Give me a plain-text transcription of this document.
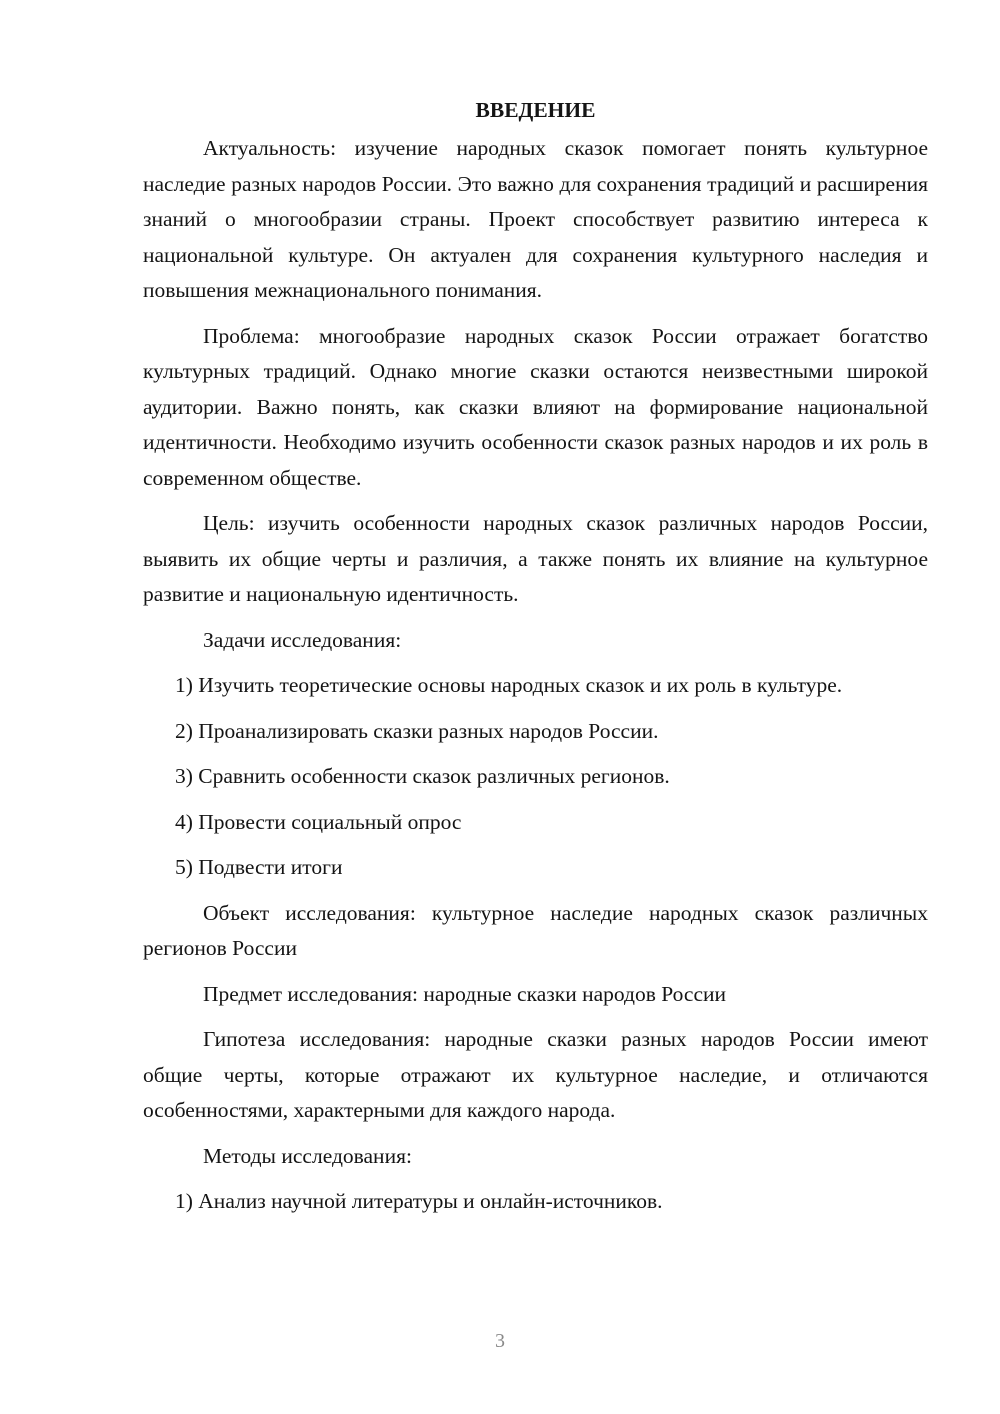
ВВЕДЕНИЕ

Актуальность: изучение народных сказок помогает понять культурное наследие разных народов России. Это важно для сохранения традиций и расширения знаний о многообразии страны. Проект способствует развитию интереса к национальной культуре. Он актуален для сохранения культурного наследия и повышения межнационального понимания.

Проблема: многообразие народных сказок России отражает богатство культурных традиций. Однако многие сказки остаются неизвестными широкой аудитории. Важно понять, как сказки влияют на формирование национальной идентичности. Необходимо изучить особенности сказок разных народов и их роль в современном обществе.

Цель: изучить особенности народных сказок различных народов России, выявить их общие черты и различия, а также понять их влияние на культурное развитие и национальную идентичность.

Задачи исследования:

1) Изучить теоретические основы народных сказок и их роль в культуре.

2) Проанализировать сказки разных народов России.

3) Сравнить особенности сказок различных регионов.

4) Провести социальный опрос

5) Подвести итоги

Объект исследования: культурное наследие народных сказок различных регионов России

Предмет исследования: народные сказки народов России

Гипотеза исследования: народные сказки разных народов России имеют общие черты, которые отражают их культурное наследие, и отличаются особенностями, характерными для каждого народа.

Методы исследования:

1) Анализ научной литературы и онлайн-источников.

3
